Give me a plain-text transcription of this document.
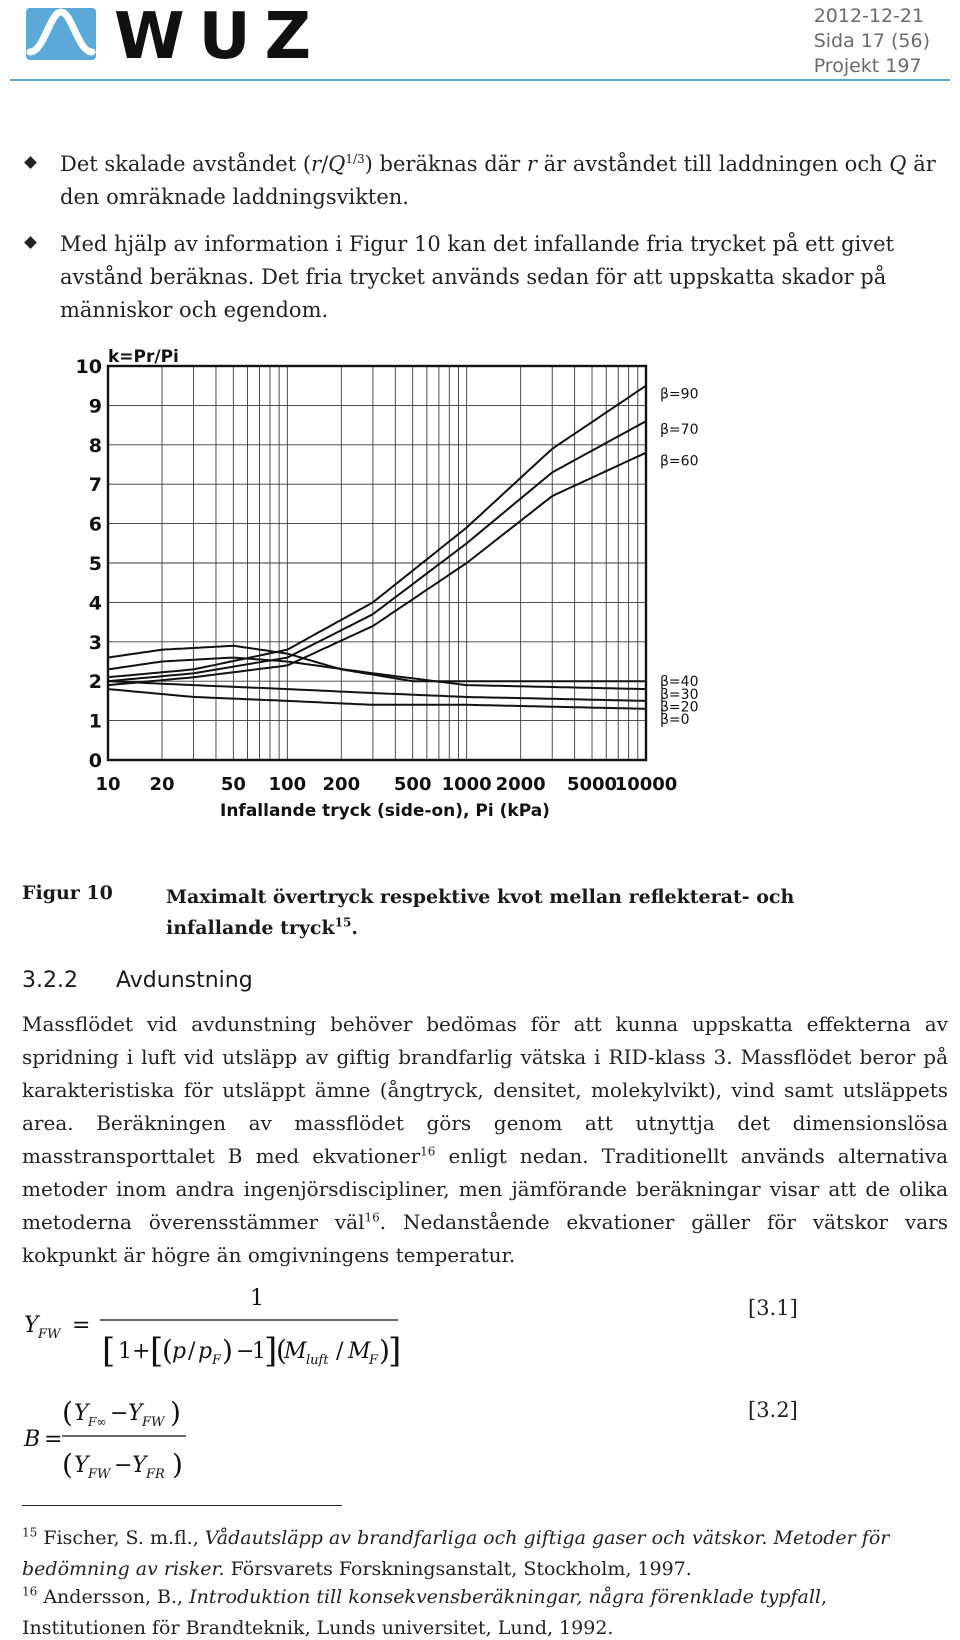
WUZ	2012-12-21
Sida 17 (56)
Projekt 197
Det skalade avståndet $(r/Q^{1/3})$ beräknas där r är avståndet till laddningen och Q är den omräknade laddningsvikten.
Med hjälp av information i Figur 10 kan det infallande fria trycket på ett givet avstånd beräknas. Det fria trycket används sedan för att uppskatta skador på människor och egendom.
β=90
β=70
β=60
β=40
β=30
β=20
β=0
0
1
2
3
4
5
6
7
8
9
10
10 20	50 100 200 500 1000 2000 5000
10000
k=Pr/Pi
Infallande tryck (side-on), Pi (kPa)
Figur 10	Maximalt övertryck respektive kvot mellan reflekterat- och infallande tryck$^{15}$.
3.2.2 Avdunstning
Massflödet vid avdunstning behöver bedömas för att kunna uppskatta effekterna av spridning i luft vid utsläpp av giftig brandfarlig vätska i RID-klass 3. Massflödet beror på karakteristiska för utsläppt ämne (ångtryck, densitet, molekylvikt), vind samt utsläppets area. Beräkningen av massflödet görs genom att utnyttja det dimensionslösa masstransporttalet B med ekvationer$^{16}$ enligt nedan. Traditionellt används alternativa metoder inom andra ingenjörsdiscipliner, men jämförande beräkningar visar att de olika metoderna överensstämmer väl$^{16}$. Nedanstående ekvationer gäller för vätskor vars kokpunkt är högre än omgivningens temperatur.
Y FW =
1
[ 1 + [
( p / p F ) −
1
]
(
M luft / M
F )
]
[3.1]
B =
( Y F∞ − Y FW )
( Y FW − Y FR )
[3.2]
$^{15}$ Fischer, S. m.fl., Vådautsläpp av brandfarliga och giftiga gaser och vätskor. Metoder för bedömning av risker. Försvarets Forskningsanstalt, Stockholm, 1997.
$^{16}$ Andersson, B., Introduktion till konsekvensberäkningar, några förenklade typfall, Institutionen för Brandteknik, Lunds universitet, Lund, 1992.
